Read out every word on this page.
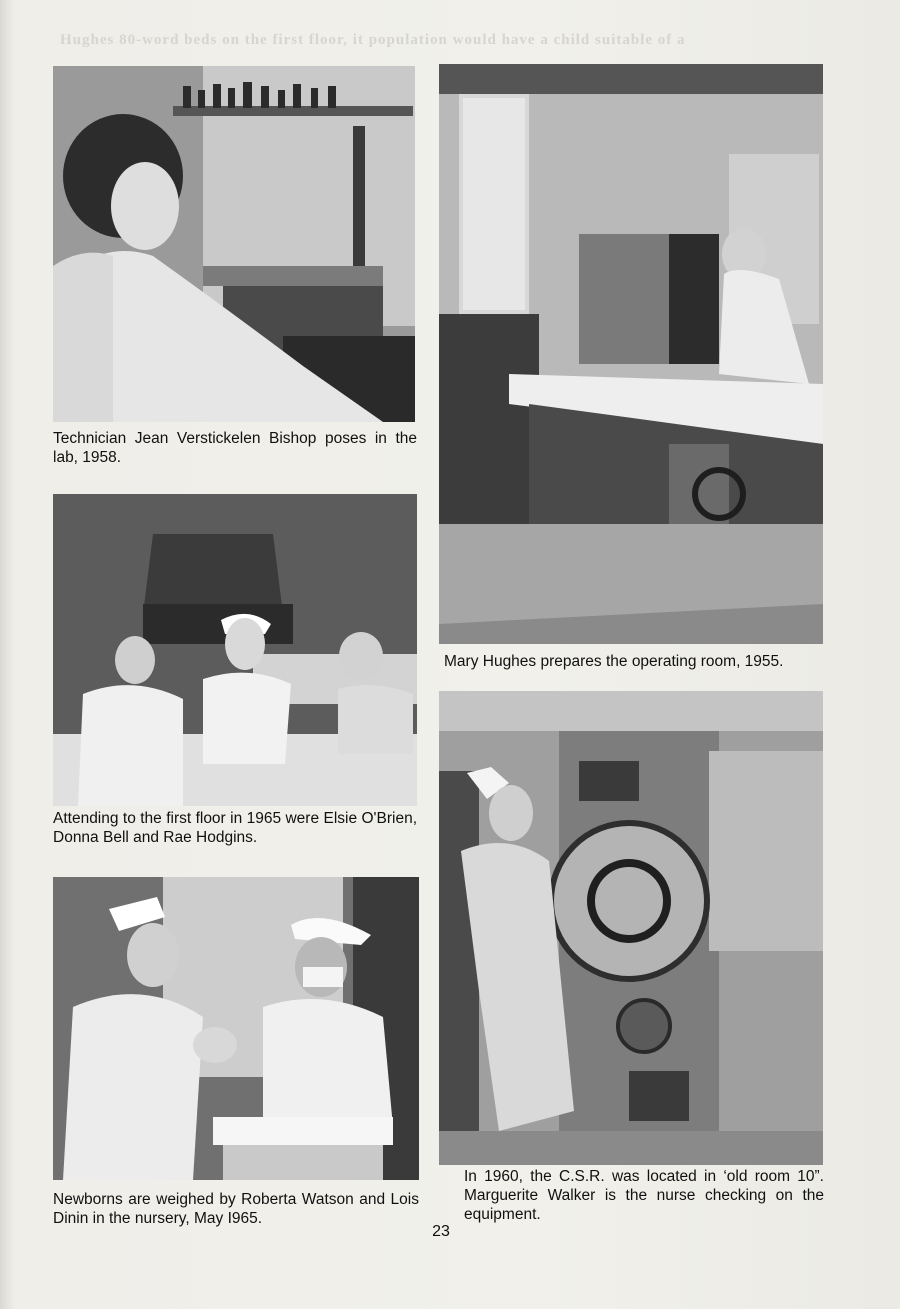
Hughes 80-word beds on the first floor, it population would have a child suitable of a
Technician Jean Verstickelen Bishop poses in the lab, 1958.
Mary Hughes prepares the operating room, 1955.
Attending to the first floor in 1965 were Elsie O'Brien, Donna Bell and Rae Hodgins.
In 1960, the C.S.R. was located in ‘old room 10”. Marguerite Walker is the nurse checking on the equipment.
Newborns are weighed by Roberta Watson and Lois Dinin in the nursery, May I965.
23
